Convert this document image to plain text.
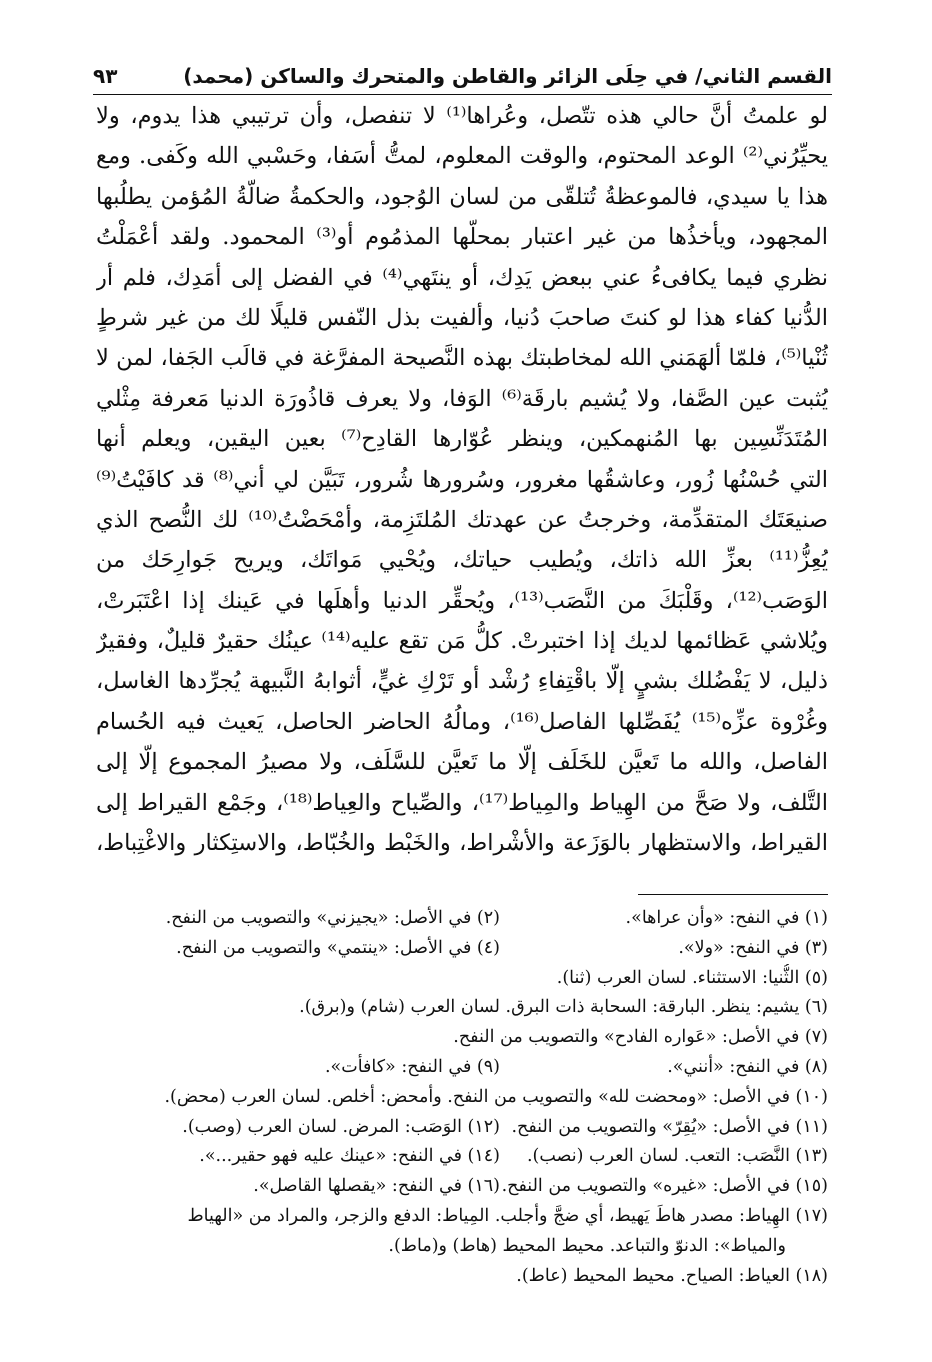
القسم الثاني/ في حِلَى الزائر والقاطن والمتحرك والساكن (محمد)
٩٣
لو علمتُ أنَّ حالي هذه تتّصل، وعُراها⁽¹⁾ لا تنفصل، وأن ترتيبي هذا يدوم، ولا
يحيِّرُني⁽²⁾ الوعد المحتوم، والوقت المعلوم، لمتُّ أسَفا، وحَسْبي الله وكَفى. ومع
هذا يا سيدي، فالموعظةُ تُتلقّى من لسان الوُجود، والحكمةُ ضالّةُ المُؤمن يطلُبها
المجهود، ويأخذُها من غير اعتبار بمحلّها المذمُوم أو⁽³⁾ المحمود. ولقد أعْمَلْتُ
نظري فيما يكافىءُ عني ببعض يَدِك، أو ينتَهي⁽⁴⁾ في الفضل إلى أمَدِك، فلم أر
الدُّنيا كفاء هذا لو كنتَ صاحبَ دُنيا، وألفيت بذل النّفس قليلًا لك من غير شرطٍ
ثُنْيا⁽⁵⁾، فلمّا ألهَمَني الله لمخاطبتك بهذه النَّصيحة المفرَّغة في قالَب الجَفا، لمن لا
يُثبت عين الصَّفا، ولا يُشيم بارقَة⁽⁶⁾ الوَفا، ولا يعرف قاذُورَة الدنيا مَعرفة مِثْلي
المُتَدَنِّسِين بها المُنهمكين، وينظر عُوّارها القادِح⁽⁷⁾ بعين اليقين، ويعلم أنها
التي حُسْنُها زُور، وعاشقُها مغرور، وسُرورها شُرور، تَبَيَّن لي أني⁽⁸⁾ قد كافَيْتُ⁽⁹⁾
صنيعَتَك المتقدِّمة، وخرجتُ عن عهدتك المُلتَزِمة، وأمْحَضْتُ⁽¹⁰⁾ لك النُّصح الذي
يُعِزُّ⁽¹¹⁾ بعزِّ الله ذاتك، ويُطيب حياتك، ويُحْيي مَواتَك، ويريح جَوارِحَك من
الوَصَب⁽¹²⁾، وقَلْبَكَ من النَّصَب⁽¹³⁾، ويُحقِّر الدنيا وأهلَها في عَينك إذا اعْتَبَرتْ،
ويُلاشي عَظائمها لديك إذا اختبرتْ. كلُّ مَن تقع عليه⁽¹⁴⁾ عينُك حقيرٌ قليلٌ، وفقيرٌ
ذليل، لا يَفْضُلك بشيٍ إلّا باقْتِفاءِ رُشْد أو تَرْكِ غيٍّ، أثوابهُ النَّبيهة يُجرِّدها الغاسل،
وغُرْوة عزِّه⁽¹⁵⁾ يُفَصِّلها الفاصل⁽¹⁶⁾، ومالُهُ الحاضر الحاصل، يَعيث فيه الحُسام
الفاصل، والله ما تَعيَّن للخَلَف إلّا ما تَعيَّن للسَّلَف، ولا مصيرُ المجموع إلّا إلى
التَّلف، ولا صَحَّ من الهِياط والمِياط⁽¹⁷⁾، والصِّياح والعِياط⁽¹⁸⁾، وجَمْع القيراط إلى
القيراط، والاستظهار بالوَزَعة والأشْراط، والخَبْط والخُبّاط، والاستِكثار والاغْتِباط،
(١) في النفح: «وأن عراها».
(٢) في الأصل: «يجيزني» والتصويب من النفح.
(٣) في النفح: «ولا».
(٤) في الأصل: «ينتمي» والتصويب من النفح.
(٥) الثُّنيا: الاستثناء. لسان العرب (ثنا).
(٦) يشيم: ينظر. البارقة: السحابة ذات البرق. لسان العرب (شام) و(برق).
(٧) في الأصل: «عَواره الفادح» والتصويب من النفح.
(٨) في النفح: «أنني».
(٩) في النفح: «كافأت».
(١٠) في الأصل: «ومحضت لله» والتصويب من النفح. وأمحض: أخلص. لسان العرب (محض).
(١١) في الأصل: «يُقِرّ» والتصويب من النفح.
(١٢) الوَصَب: المرض. لسان العرب (وصب).
(١٣) النَّصَب: التعب. لسان العرب (نصب).
(١٤) في النفح: «عينك عليه فهو حقير...».
(١٥) في الأصل: «غيره» والتصويب من النفح.
(١٦) في النفح: «يقصلها القاصل».
(١٧) الهِياط: مصدر هاطَ يَهيط، أي ضجَّ وأجلب. المِياط: الدفع والزجر، والمراد من «الهياط
والمياط»: الدنوّ والتباعد. محيط المحيط (هاط) و(ماط).
(١٨) العياط: الصياح. محيط المحيط (عاط).
